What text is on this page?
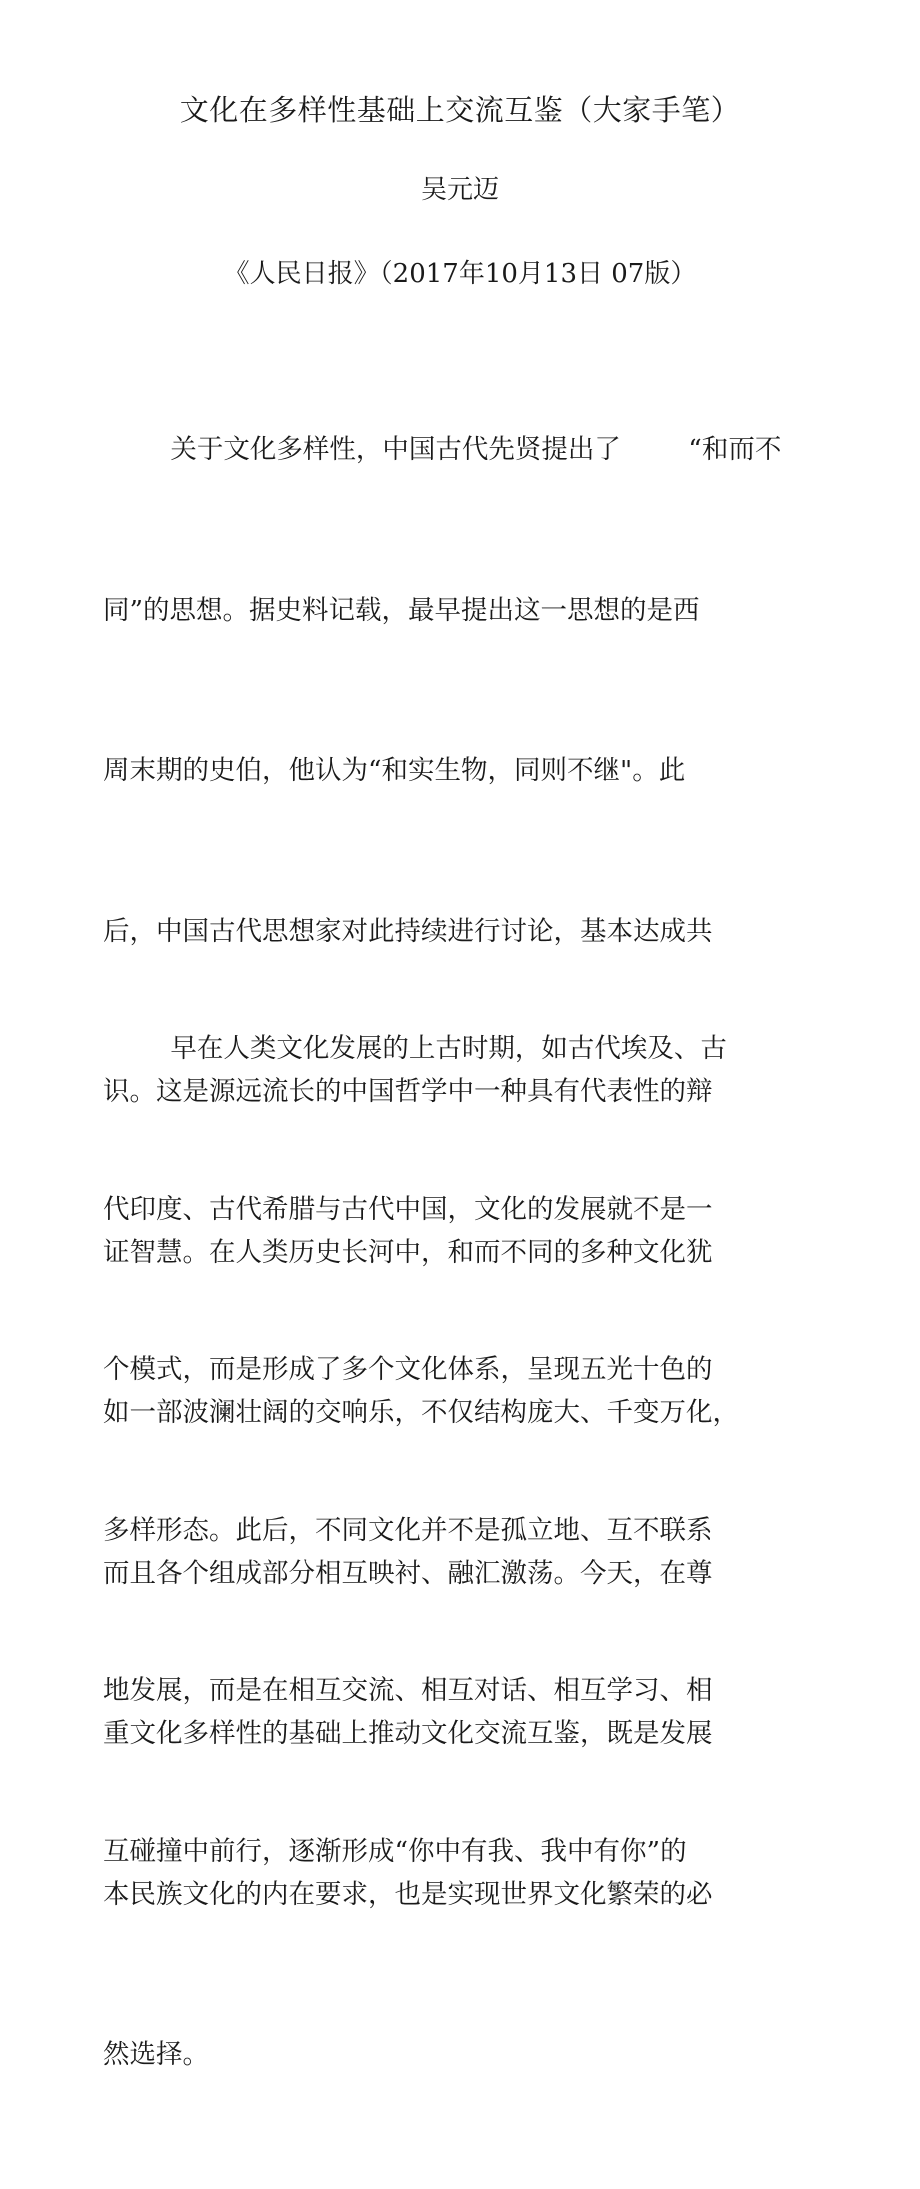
文化在多样性基础上交流互鉴（大家手笔）
吴元迈
《人民日报》（2017年10月13日 07版）

关于文化多样性，中国古代先贤提出了        “和而不

同”的思想。据史料记载，最早提出这一思想的是西

周末期的史伯，他认为“和实生物，同则不继"。此

后，中国古代思想家对此持续进行讨论，基本达成共

识。这是源远流长的中国哲学中一种具有代表性的辩

证智慧。在人类历史长河中，和而不同的多种文化犹

如一部波澜壮阔的交响乐，不仅结构庞大、千变万化，

而且各个组成部分相互映衬、融汇激荡。今天，在尊

重文化多样性的基础上推动文化交流互鉴，既是发展

本民族文化的内在要求，也是实现世界文化繁荣的必

然选择。

早在人类文化发展的上古时期，如古代埃及、古

代印度、古代希腊与古代中国，文化的发展就不是一

个模式，而是形成了多个文化体系，呈现五光十色的

多样形态。此后，不同文化并不是孤立地、互不联系

地发展，而是在相互交流、相互对话、相互学习、相

互碰撞中前行，逐渐形成“你中有我、我中有你”的
